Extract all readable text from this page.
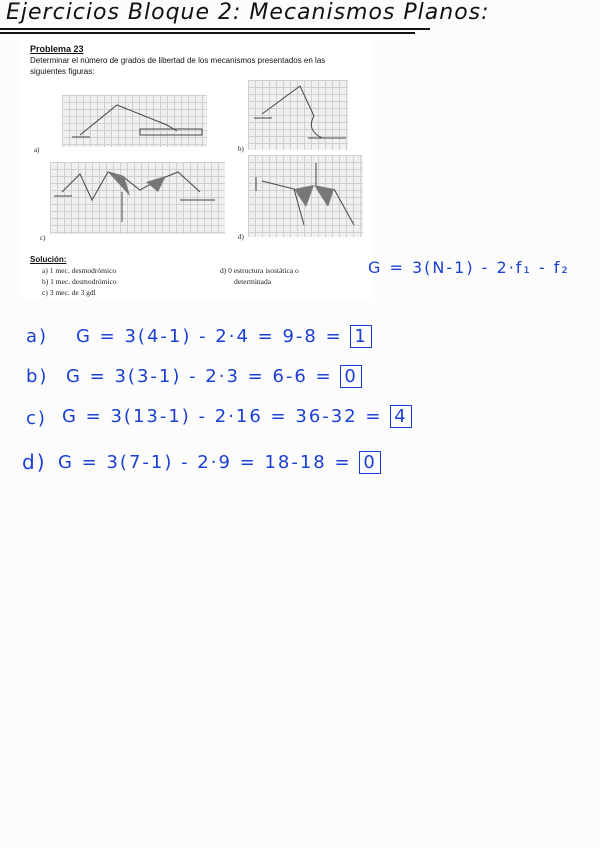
Ejercicios Bloque 2: Mecanismos Planos:
Problema 23
Determinar el número de grados de libertad de los mecanismos presentados en las siguientes figuras:
a)	b)
c)	d)
Solución:
a) 1 mec. desmodrómico
b) 1 mec. desmodrómico
c) 3 mec. de 3 gdl
d) 0 estructura isostática o
determinada
G = 3(N-1) - 2·f₁ - f₂
a) G = 3(4-1) - 2·4 = 9-8 = 1
b) G = 3(3-1) - 2·3 = 6-6 = 0
c) G = 3(13-1) - 2·16 = 36-32 = 4
d) G = 3(7-1) - 2·9 = 18-18 = 0
